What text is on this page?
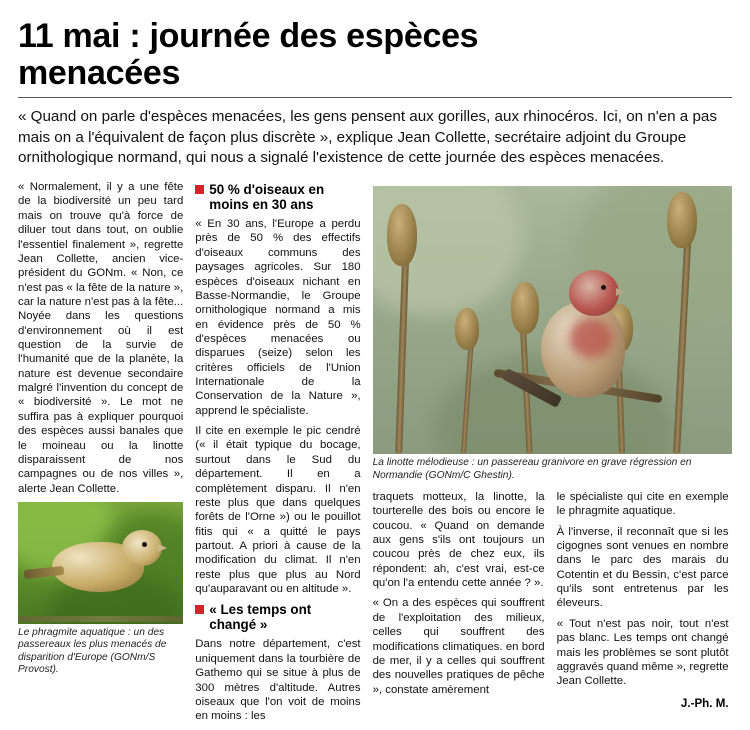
11 mai : journée des espèces menacées

« Quand on parle d'espèces menacées, les gens pensent aux gorilles, aux rhinocéros. Ici, on n'en a pas mais on a l'équivalent de façon plus discrète », explique Jean Collette, secrétaire adjoint du Groupe ornithologique normand, qui nous a signalé l'existence de cette journée des espèces menacées.

« Normalement, il y a une fête de la biodiversité un peu tard mais on trouve qu'à force de diluer tout dans tout, on oublie l'essentiel finalement », regrette Jean Collette, ancien vice-président du GONm. « Non, ce n'est pas « la fête de la nature », car la nature n'est pas à la fête... Noyée dans les questions d'environnement où il est question de la survie de l'humanité que de la planète, la nature est devenue secondaire malgré l'invention du concept de « biodiversité ». Le mot ne suffira pas à expliquer pourquoi des espèces aussi banales que le moineau ou la linotte disparaissent de nos campagnes ou de nos villes », alerte Jean Collette.

Le phragmite aquatique : un des passereaux les plus menacés de disparition d'Europe (GONm/S Provost).
50 % d'oiseaux en moins en 30 ans

« En 30 ans, l'Europe a perdu près de 50 % des effectifs d'oiseaux communs des paysages agricoles. Sur 180 espèces d'oiseaux nichant en Basse-Normandie, le Groupe ornithologique normand a mis en évidence près de 50 % d'espèces menacées ou disparues (seize) selon les critères officiels de l'Union Internationale de la Conservation de la Nature », apprend le spécialiste.

Il cite en exemple le pic cendré (« il était typique du bocage, surtout dans le Sud du département. Il en a complètement disparu. Il n'en reste plus que dans quelques forêts de l'Orne ») ou le pouillot fitis qui « a quitté le pays partout. A priori à cause de la modification du climat. Il n'en reste plus que plus au Nord qu'auparavant ou en altitude ».

« Les temps ont changé »

Dans notre département, c'est uniquement dans la tourbière de Gathemo qui se situe à plus de 300 mètres d'altitude. Autres oiseaux que l'on voit de moins en moins : les

La linotte mélodieuse : un passereau granivore en grave régression en Normandie (GONm/C Ghestin).

traquets motteux, la linotte, la tourterelle des bois ou encore le coucou. « Quand on demande aux gens s'ils ont toujours un coucou près de chez eux, ils répondent: ah, c'est vrai, est-ce qu'on l'a entendu cette année ? ».

« On a des espèces qui souffrent de l'exploitation des milieux, celles qui souffrent des modifications climatiques. en bord de mer, il y a celles qui souffrent des nouvelles pratiques de pêche », constate amèrement

le spécialiste qui cite en exemple le phragmite aquatique.

À l'inverse, il reconnaît que si les cigognes sont venues en nombre dans le parc des marais du Cotentin et du Bessin, c'est parce qu'ils sont entretenus par les éleveurs.

« Tout n'est pas noir, tout n'est pas blanc. Les temps ont changé mais les problèmes se sont plutôt aggravés quand même », regrette Jean Collette.

J.-Ph. M.
